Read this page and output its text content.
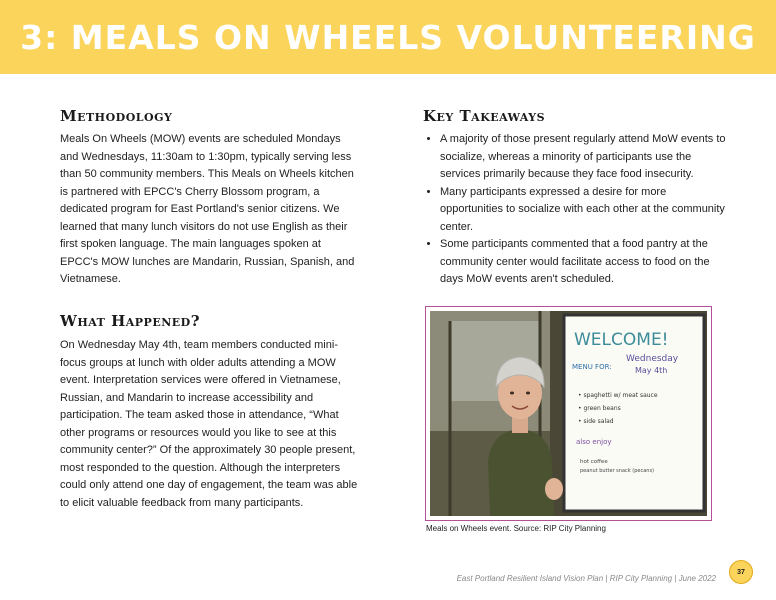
3: MEALS ON WHEELS VOLUNTEERING
Methodology

Meals On Wheels (MOW) events are scheduled Mondays and Wednesdays, 11:30am to 1:30pm, typically serving less than 50 community members. This Meals on Wheels kitchen is partnered with EPCC's Cherry Blossom program, a dedicated program for East Portland's senior citizens. We learned that many lunch visitors do not use English as their first spoken language. The main languages spoken at EPCC's MOW lunches are Mandarin, Russian, Spanish, and Vietnamese.

Key Takeaways
• A majority of those present regularly attend MoW events to socialize, whereas a minority of participants use the services primarily because they face food insecurity.
• Many participants expressed a desire for more opportunities to socialize with each other at the community center.
• Some participants commented that a food pantry at the community center would facilitate access to food on the days MoW events aren't scheduled.
What Happened?

On Wednesday May 4th, team members conducted mini-focus groups at lunch with older adults attending a MOW event. Interpretation services were offered in Vietnamese, Russian, and Mandarin to increase accessibility and participation. The team asked those in attendance, “What other programs or resources would you like to see at this community center?” Of the approximately 30 people present, most responded to the question. Although the interpreters could only attend one day of engagement, the team was able to elicit valuable feedback from many participants.

WELCOME!
MENU FOR:
Wednesday
May 4th
• spaghetti w/ meat sauce
• green beans
• side salad
also enjoy
hot coffee
peanut butter snack (pecans)

Meals on Wheels event. Source: RIP City Planning

37
East Portland Resilient Island Vision Plan | RIP City Planning | June 2022
